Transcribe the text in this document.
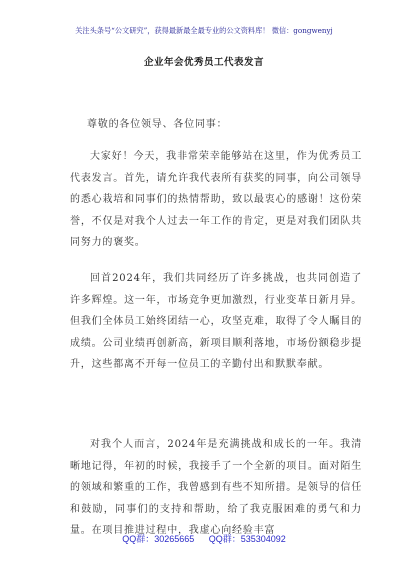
关注头条号“公文研究”，获得最新最全最专业的公文资料库！ 微信：gongwenyj
企业年会优秀员工代表发言

尊敬的各位领导、各位同事：

大家好！今天，我非常荣幸能够站在这里，作为优秀员工代表发言。首先，请允许我代表所有获奖的同事，向公司领导的悉心栽培和同事们的热情帮助，致以最衷心的感谢！这份荣誉，不仅是对我个人过去一年工作的肯定，更是对我们团队共同努力的褒奖。

回首2024年，我们共同经历了许多挑战，也共同创造了许多辉煌。这一年，市场竞争更加激烈，行业变革日新月异。但我们全体员工始终团结一心，攻坚克难，取得了令人瞩目的成绩。公司业绩再创新高，新项目顺利落地，市场份额稳步提升，这些都离不开每一位员工的辛勤付出和默默奉献。

对我个人而言，2024年是充满挑战和成长的一年。我清晰地记得，年初的时候，我接手了一个全新的项目。面对陌生的领域和繁重的工作，我曾感到有些不知所措。是领导的信任和鼓励，同事们的支持和帮助，给了我克服困难的勇气和力量。在项目推进过程中，我虚心向经验丰富

QQ群：30265665 QQ群：535304092
